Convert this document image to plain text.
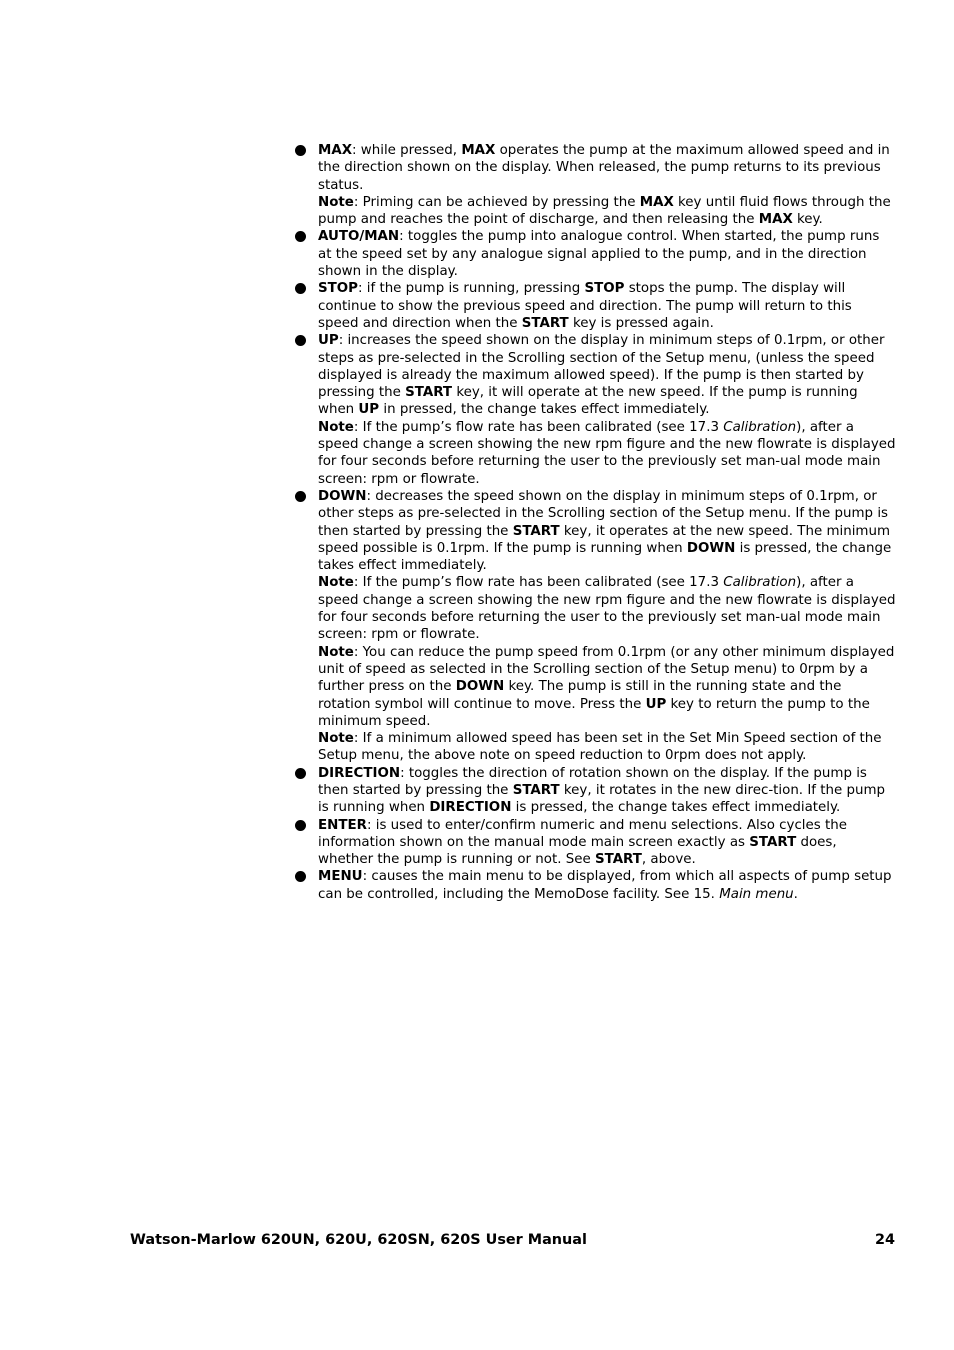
MAX: while pressed, MAX operates the pump at the maximum allowed speed and in the direction shown on the display. When released, the pump returns to its previous status.
Note: Priming can be achieved by pressing the MAX key until fluid flows through the pump and reaches the point of discharge, and then releasing the MAX key.
AUTO/MAN: toggles the pump into analogue control. When started, the pump runs at the speed set by any analogue signal applied to the pump, and in the direction shown in the display.
STOP: if the pump is running, pressing STOP stops the pump. The display will continue to show the previous speed and direction. The pump will return to this speed and direction when the START key is pressed again.
UP: increases the speed shown on the display in minimum steps of 0.1rpm, or other steps as pre-selected in the Scrolling section of the Setup menu, (unless the speed displayed is already the maximum allowed speed). If the pump is then started by pressing the START key, it will operate at the new speed. If the pump is running when UP in pressed, the change takes effect immediately.
Note: If the pump’s flow rate has been calibrated (see 17.3 Calibration), after a speed change a screen showing the new rpm figure and the new flowrate is displayed for four seconds before returning the user to the previously set man-ual mode main screen: rpm or flowrate.
DOWN: decreases the speed shown on the display in minimum steps of 0.1rpm, or other steps as pre-selected in the Scrolling section of the Setup menu. If the pump is then started by pressing the START key, it operates at the new speed. The minimum speed possible is 0.1rpm. If the pump is running when DOWN is pressed, the change takes effect immediately.
Note: If the pump’s flow rate has been calibrated (see 17.3 Calibration), after a speed change a screen showing the new rpm figure and the new flowrate is displayed for four seconds before returning the user to the previously set man-ual mode main screen: rpm or flowrate.
Note: You can reduce the pump speed from 0.1rpm (or any other minimum displayed unit of speed as selected in the Scrolling section of the Setup menu) to 0rpm by a further press on the DOWN key. The pump is still in the running state and the rotation symbol will continue to move. Press the UP key to return the pump to the minimum speed.
Note: If a minimum allowed speed has been set in the Set Min Speed section of the Setup menu, the above note on speed reduction to 0rpm does not apply.
DIRECTION: toggles the direction of rotation shown on the display. If the pump is then started by pressing the START key, it rotates in the new direc-tion. If the pump is running when DIRECTION is pressed, the change takes effect immediately.
ENTER: is used to enter/confirm numeric and menu selections. Also cycles the information shown on the manual mode main screen exactly as START does, whether the pump is running or not. See START, above.
MENU: causes the main menu to be displayed, from which all aspects of pump setup can be controlled, including the MemoDose facility. See 15. Main menu.
Watson-Marlow 620UN, 620U, 620SN, 620S User Manual	24
